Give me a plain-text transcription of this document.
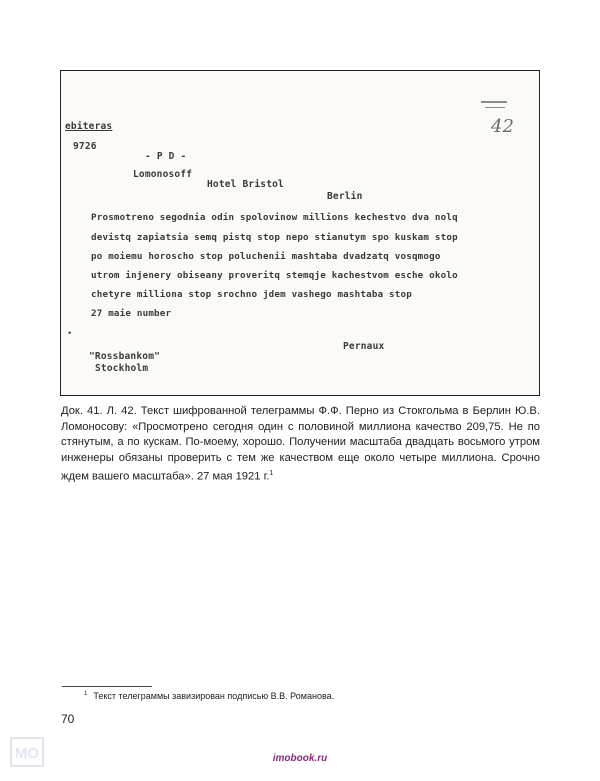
42

ebiteras

9726

- Р D -

Lomonosoff

Hotel Bristol

Berlin

Prosmotreno segodnia odin spolovinow millions kechestvo dva nolq

devistq zapiatsia semq pistq stop nepo stianutym spo kuskam stop

po moiemu horoscho stop poluchenii mashtaba dvadzatq vosqmogo

utrom injenery obiseany proveritq stemqje kachestvom esche okolo

chetyre milliona stop srochno jdem vashego mashtaba stop

27 maie number

•

Pernaux

"Rossbankom"

Stockholm

Док. 41. Л. 42. Текст шифрованной телеграммы Ф.Ф. Перно из Стокгольма в Берлин Ю.В. Ломоносову: «Просмотрено сегодня один с половиной миллиона качество 209,75. Не по стянутым, а по кускам. По-моему, хорошо. Получении масштаба двадцать восьмого утром инженеры обязаны проверить с тем же качеством еще около четыре миллиона. Срочно ждем вашего масштаба». 27 мая 1921 г.$^1$

$^1$ Текст телеграммы завизирован подписью В.В. Романова.

70

МО	imobook.ru
